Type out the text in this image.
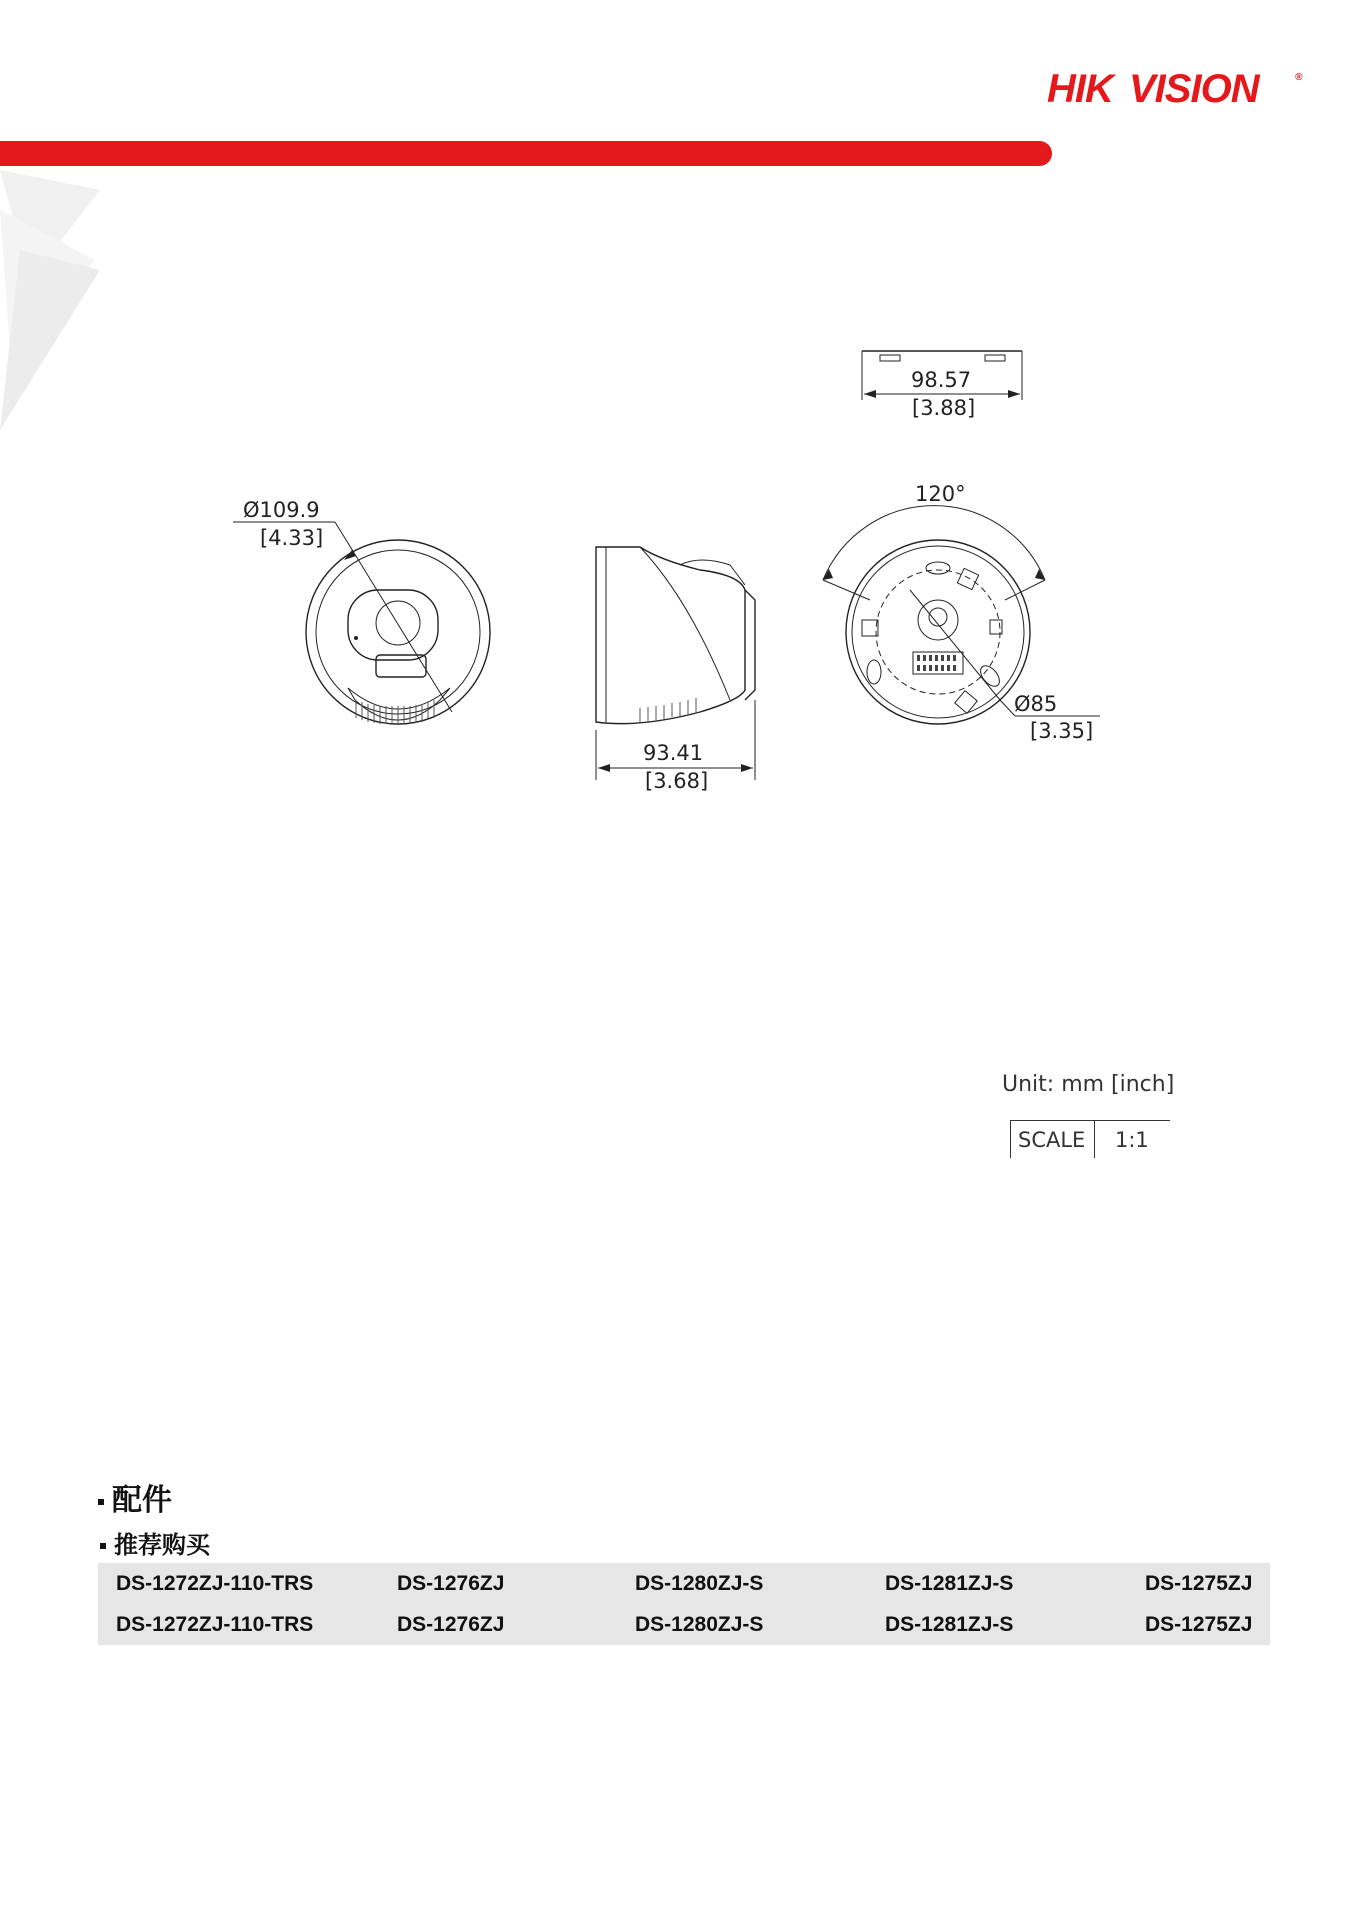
HIK VISION	®
Ø109.9
[4.33]
93.41
[3.68]
98.57
[3.88]
120°
Ø85
[3.35]
Unit: mm [inch]
SCALE 1:1
配件
推荐购买
DS-1272ZJ-110-TRS	DS-1276ZJ	DS-1280ZJ-S	DS-1281ZJ-S	DS-1275ZJ
DS-1272ZJ-110-TRS	DS-1276ZJ	DS-1280ZJ-S	DS-1281ZJ-S	DS-1275ZJ
